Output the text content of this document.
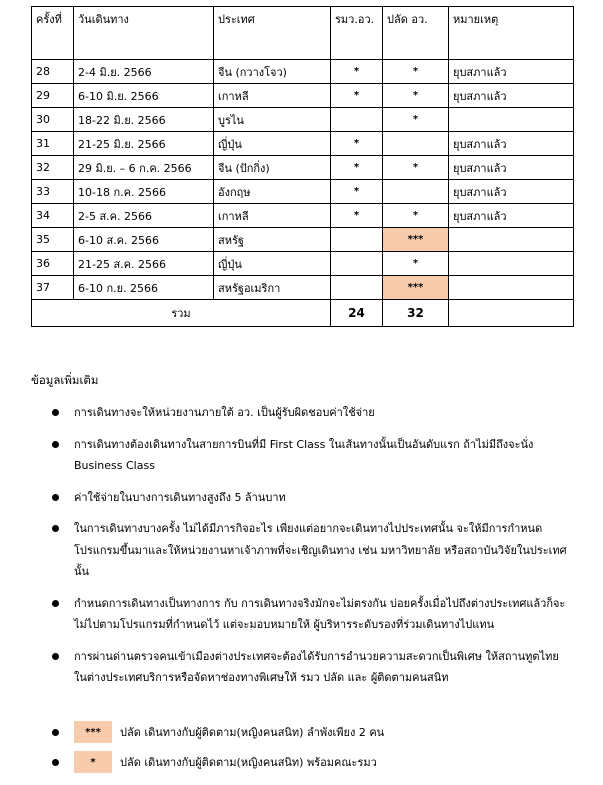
ครั้งที่	วันเดินทาง	ประเทศ	รมว.อว.	ปลัด อว.	หมายเหตุ
28	2-4 มิ.ย. 2566	จีน (กวางโจว)	*	*	ยุบสภาแล้ว
29	6-10 มิ.ย. 2566	เกาหลี	*	*	ยุบสภาแล้ว
30	18-22 มิ.ย. 2566	บูรไน		*	
31	21-25 มิ.ย. 2566	ญี่ปุ่น	*		ยุบสภาแล้ว
32	29 มิ.ย. – 6 ก.ค. 2566	จีน (ปักกิ่ง)	*	*	ยุบสภาแล้ว
33	10-18 ก.ค. 2566	อังกฤษ	*		ยุบสภาแล้ว
34	2-5 ส.ค. 2566	เกาหลี	*	*	ยุบสภาแล้ว
35	6-10 ส.ค. 2566	สหรัฐ		***	
36	21-25 ส.ค. 2566	ญี่ปุ่น		*	
37	6-10 ก.ย. 2566	สหรัฐอเมริกา		***	
รวม			24	32	
ข้อมูลเพิ่มเติม
การเดินทางจะให้หน่วยงานภายใต้ อว. เป็นผู้รับผิดชอบค่าใช้จ่าย
การเดินทางต้องเดินทางในสายการบินที่มี First Class ในเส้นทางนั้นเป็นอันดับแรก ถ้าไม่มีถึงจะนั่ง Business Class
ค่าใช้จ่ายในบางการเดินทางสูงถึง 5 ล้านบาท
ในการเดินทางบางครั้ง ไม่ได้มีภารกิจอะไร เพียงแต่อยากจะเดินทางไปประเทศนั้น จะให้มีการกำหนดโปรแกรมขึ้นมาและให้หน่วยงานหาเจ้าภาพที่จะเชิญเดินทาง เช่น มหาวิทยาลัย หรือสถาบันวิจัยในประเทศนั้น
กำหนดการเดินทางเป็นทางการ กับ การเดินทางจริงมักจะไม่ตรงกัน บ่อยครั้งเมื่อไปถึงต่างประเทศแล้วก็จะไม่ไปตามโปรแกรมที่กำหนดไว้ แต่จะมอบหมายให้ ผู้บริหารระดับรองที่ร่วมเดินทางไปแทน
การผ่านด่านตรวจคนเข้าเมืองต่างประเทศจะต้องได้รับการอำนวยความสะดวกเป็นพิเศษ ให้สถานทูตไทยในต่างประเทศบริการหรือจัดหาช่องทางพิเศษให้ รมว ปลัด และ ผู้ติดตามคนสนิท
***	ปลัด เดินทางกับผู้ติดตาม(หญิงคนสนิท) ลำพังเพียง 2 คน
*	ปลัด เดินทางกับผู้ติดตาม(หญิงคนสนิท) พร้อมคณะรมว
